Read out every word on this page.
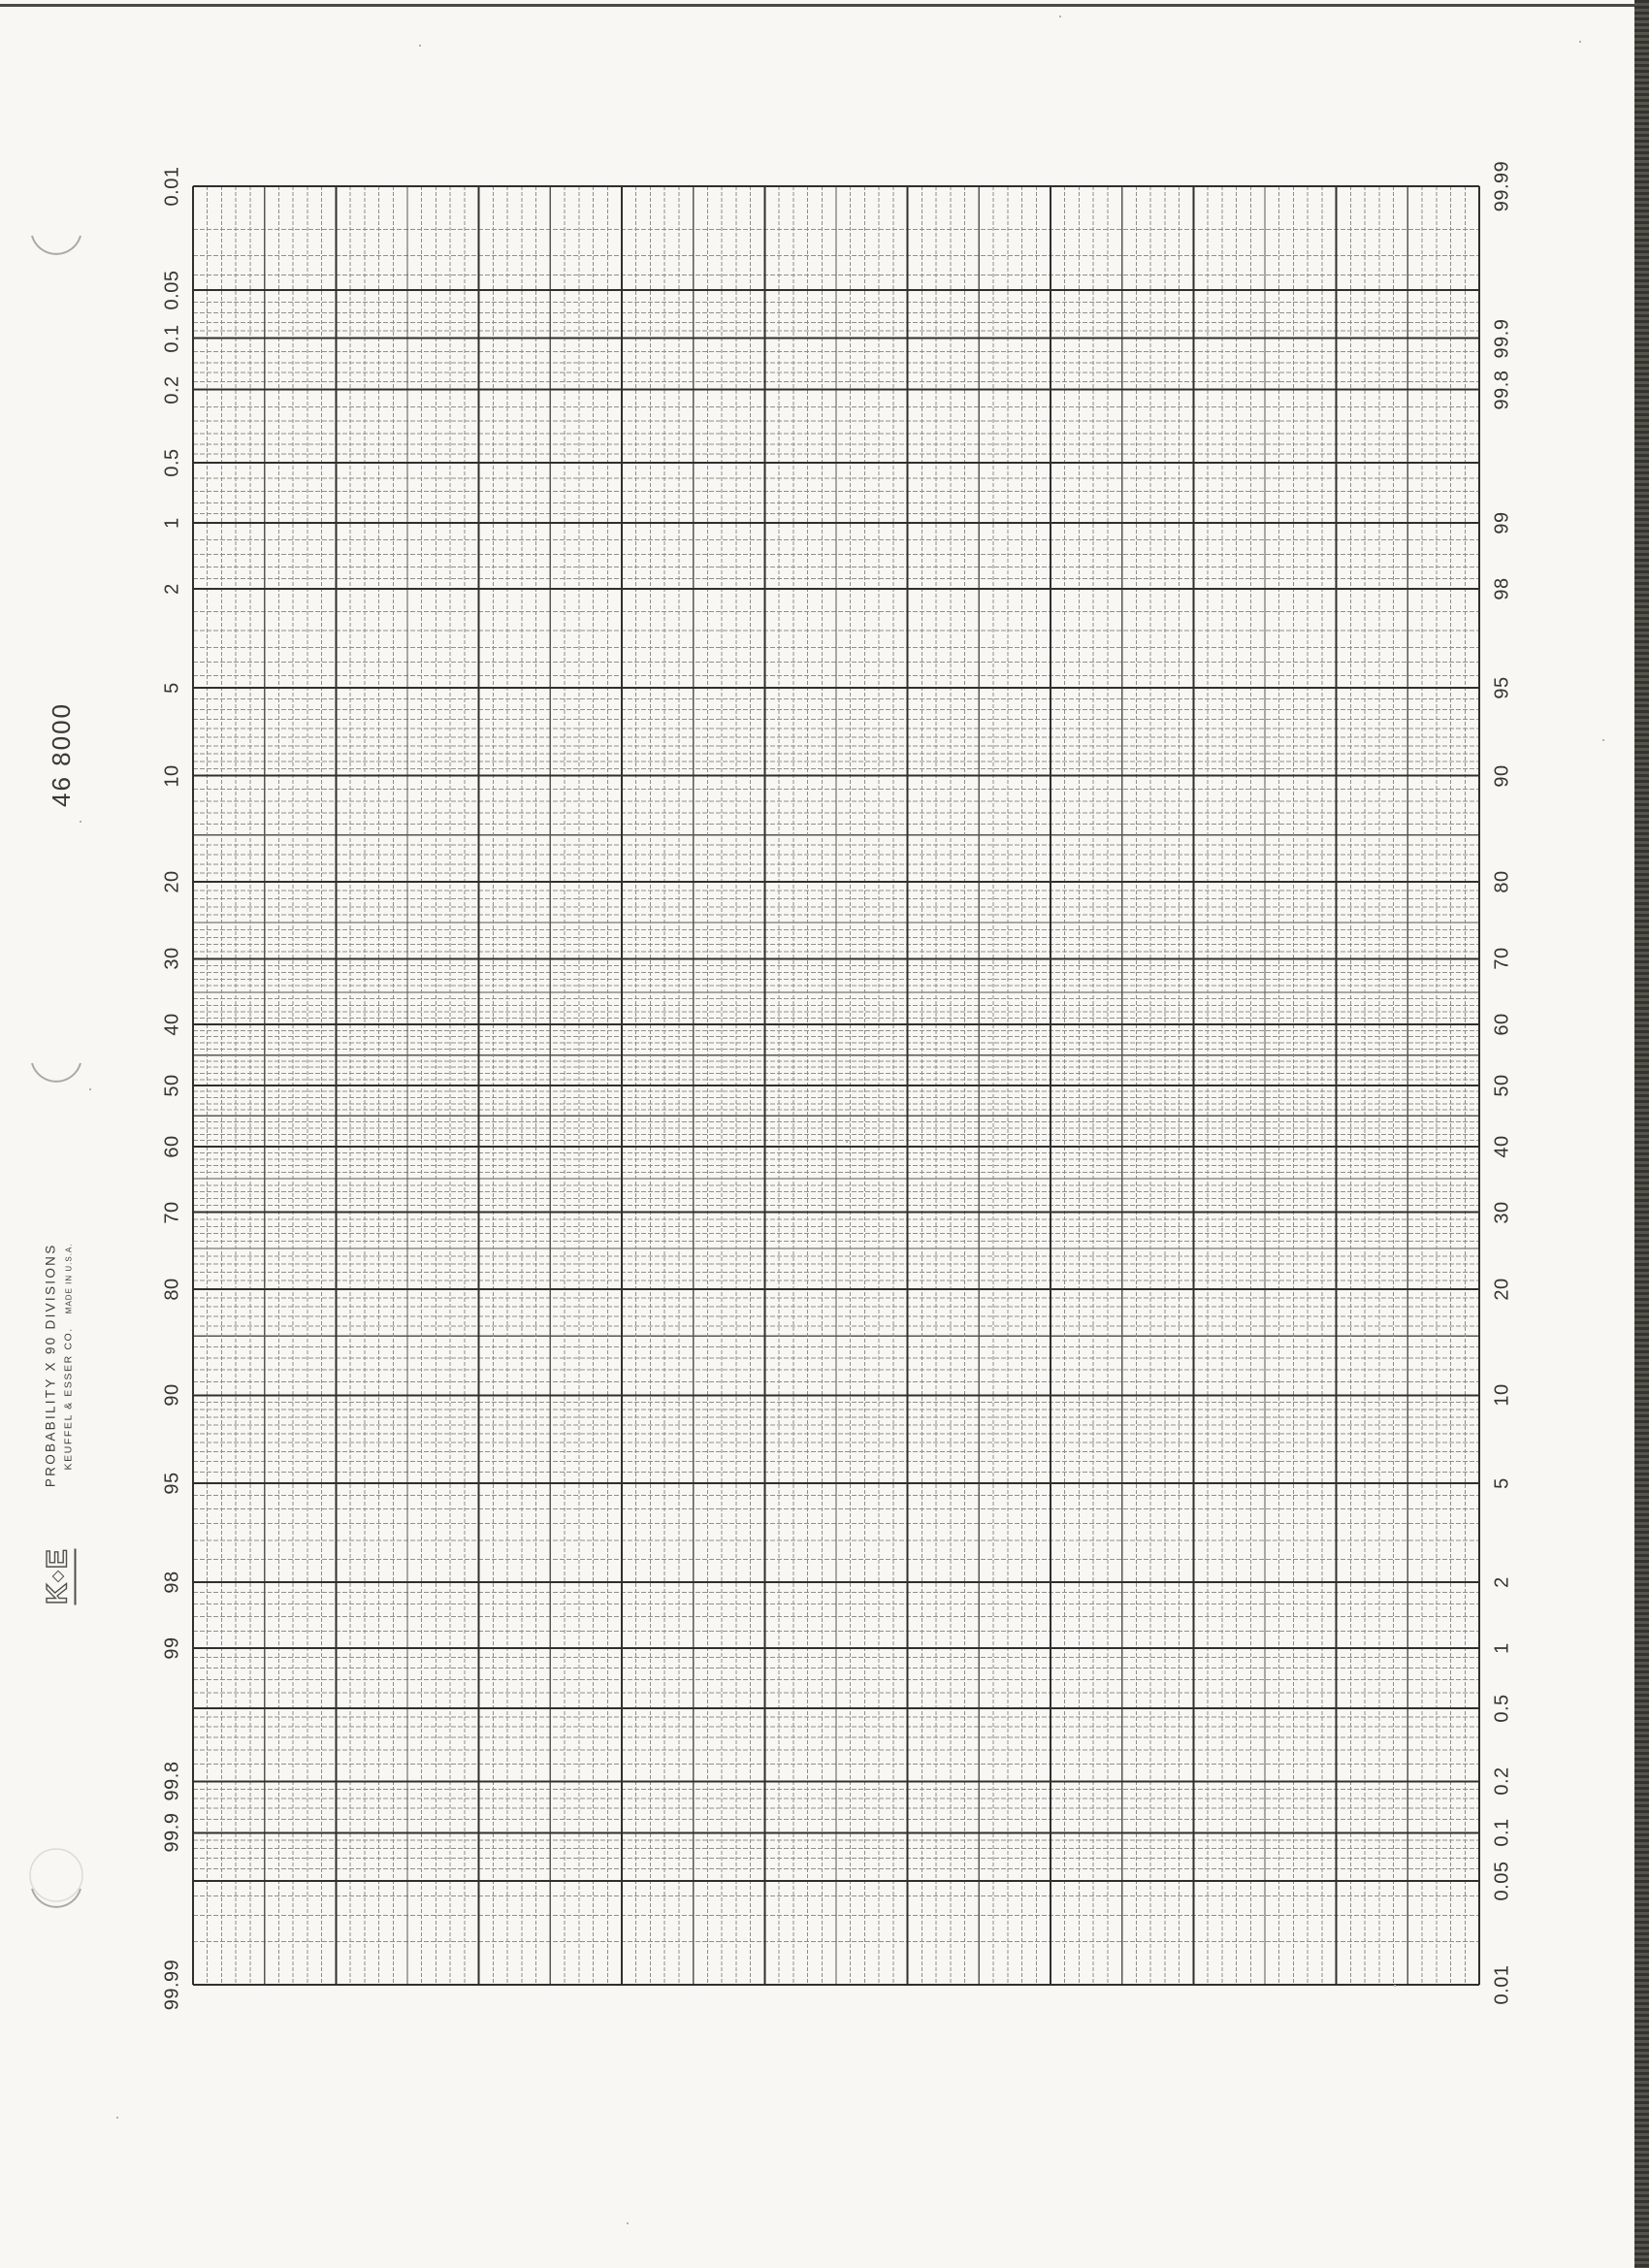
0.01
0.05
0.1
0.2
0.5
1
2
5
10
20
30
40
50
60
70
80
90
95
98
99
99.8
99.9
99.99
99.99
99.9
99.8
99
98
95
90
80
70
60
50
40
30
20
10
5
2
1
0.5
0.2
0.1
0.05
0.01
46 8000
K
E
PROBABILITY X 90 DIVISIONS KEUFFEL & ESSER CO.MADE IN U.S.A.
